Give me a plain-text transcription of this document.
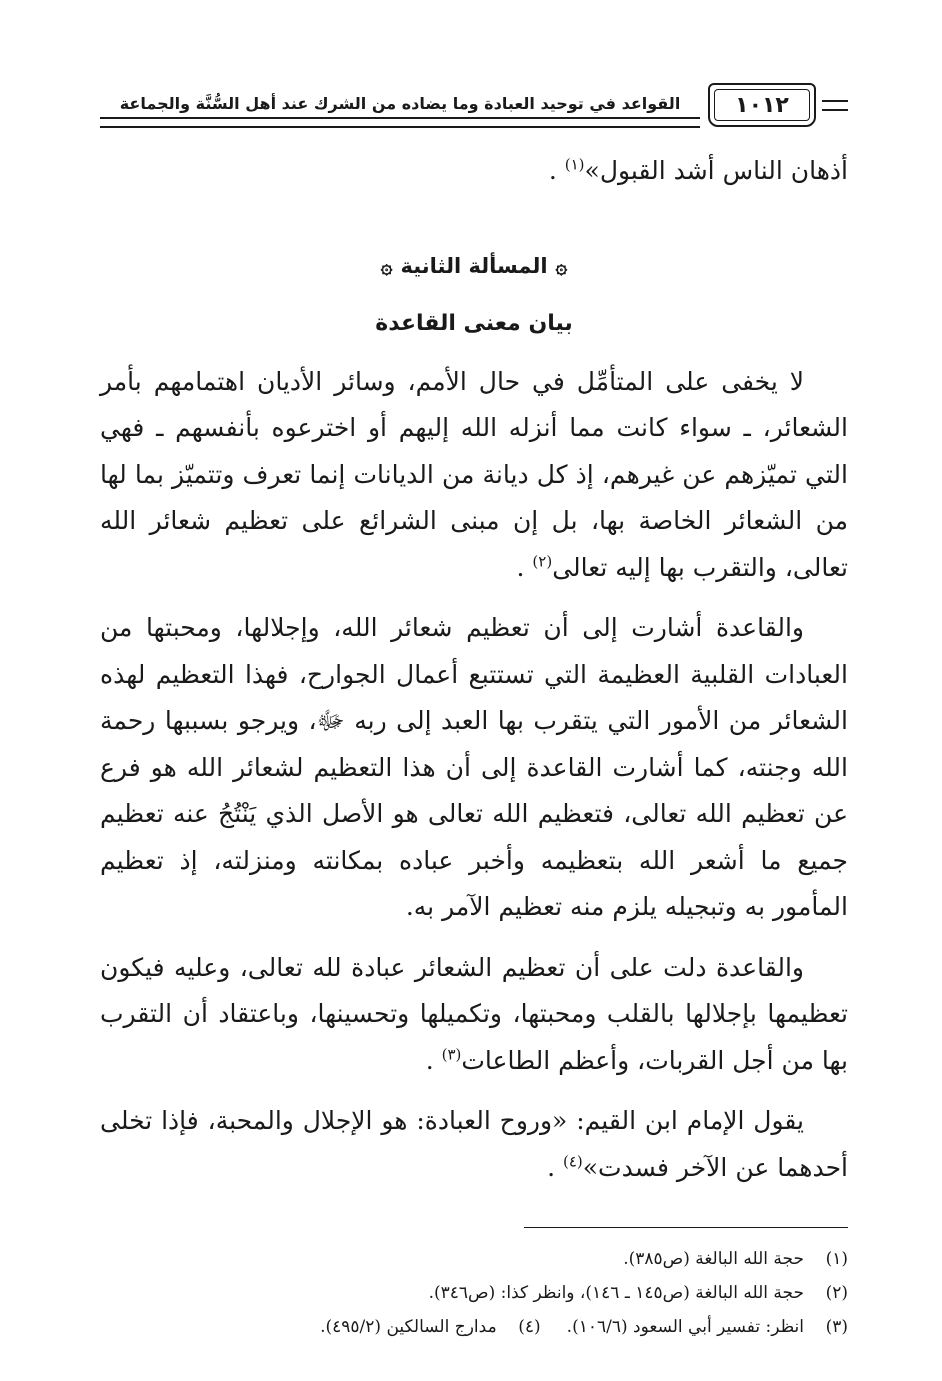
١٠١٢
القواعد في توحيد العبادة وما يضاده من الشرك عند أهل السُّنَّة والجماعة
أذهان الناس أشد القبول»$^{(١)}$ .
۞المسألة الثانية۞
بيان معنى القاعدة

لا يخفى على المتأمِّل في حال الأمم، وسائر الأديان اهتمامهم بأمر الشعائر، ـ سواء كانت مما أنزله الله إليهم أو اخترعوه بأنفسهم ـ فهي التي تميّزهم عن غيرهم، إذ كل ديانة من الديانات إنما تعرف وتتميّز بما لها من الشعائر الخاصة بها، بل إن مبنى الشرائع على تعظيم شعائر الله تعالى، والتقرب بها إليه تعالى$^{(٢)}$ .

والقاعدة أشارت إلى أن تعظيم شعائر الله، وإجلالها، ومحبتها من العبادات القلبية العظيمة التي تستتبع أعمال الجوارح، فهذا التعظيم لهذه الشعائر من الأمور التي يتقرب بها العبد إلى ربه ﷻ، ويرجو بسببها رحمة الله وجنته، كما أشارت القاعدة إلى أن هذا التعظيم لشعائر الله هو فرع عن تعظيم الله تعالى، فتعظيم الله تعالى هو الأصل الذي يَنْتُجُ عنه تعظيم جميع ما أشعر الله بتعظيمه وأخبر عباده بمكانته ومنزلته، إذ تعظيم المأمور به وتبجيله يلزم منه تعظيم الآمر به.

والقاعدة دلت على أن تعظيم الشعائر عبادة لله تعالى، وعليه فيكون تعظيمها بإجلالها بالقلب ومحبتها، وتكميلها وتحسينها، وباعتقاد أن التقرب بها من أجل القربات، وأعظم الطاعات$^{(٣)}$ .

يقول الإمام ابن القيم: «وروح العبادة: هو الإجلال والمحبة، فإذا تخلى أحدهما عن الآخر فسدت»$^{(٤)}$ .

(١)
حجة الله البالغة (ص٣٨٥).
(٢)
حجة الله البالغة (ص١٤٥ ـ ١٤٦)، وانظر كذا: (ص٣٤٦).
(٣)
انظر: تفسير أبي السعود (١٠٦/٦).
(٤)
مدارج السالكين (٤٩٥/٢).
